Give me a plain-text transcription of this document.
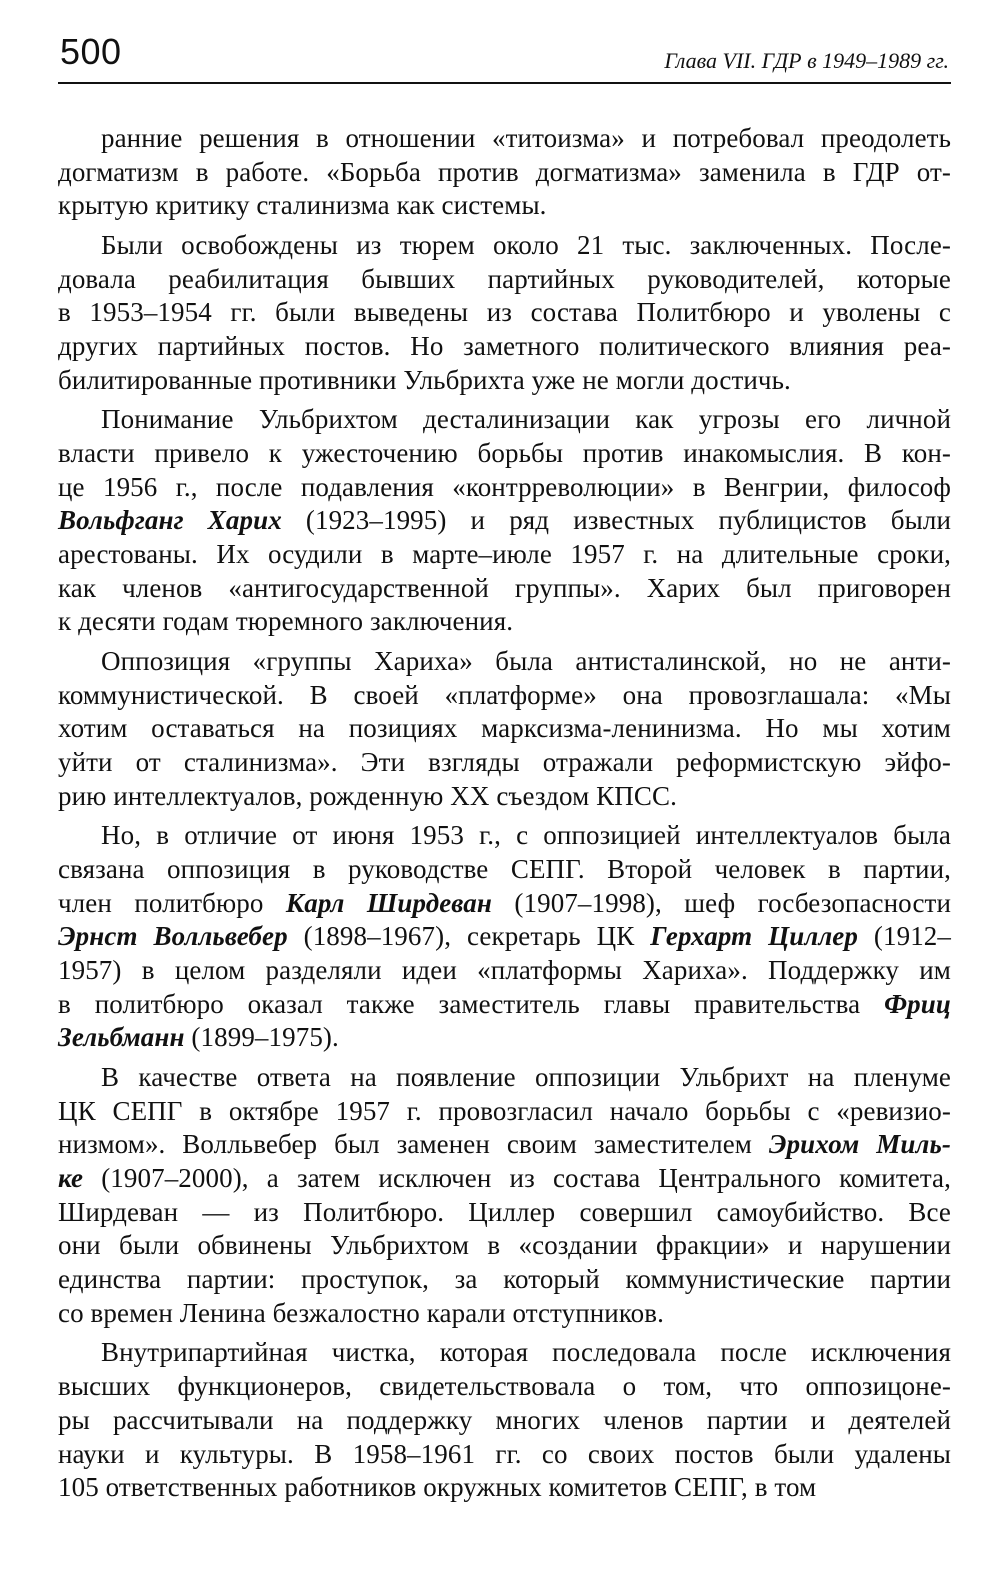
500	Глава VII. ГДР в 1949–1989 гг.
ранние решения в отношении «титоизма» и потребовал преодолеть
догматизм в работе. «Борьба против догматизма» заменила в ГДР от-
крытую критику сталинизма как системы.
Были освобождены из тюрем около 21 тыс. заключенных. После-
довала реабилитация бывших партийных руководителей, которые
в 1953–1954 гг. были выведены из состава Политбюро и уволены с
других партийных постов. Но заметного политического влияния реа-
билитированные противники Ульбрихта уже не могли достичь.
Понимание Ульбрихтом десталинизации как угрозы его личной
власти привело к ужесточению борьбы против инакомыслия. В кон-
це 1956 г., после подавления «контрреволюции» в Венгрии, философ
Вольфганг Харих (1923–1995) и ряд известных публицистов были
арестованы. Их осудили в марте–июле 1957 г. на длительные сроки,
как членов «антигосударственной группы». Харих был приговорен
к десяти годам тюремного заключения.
Оппозиция «группы Хариха» была антисталинской, но не анти-
коммунистической. В своей «платформе» она провозглашала: «Мы
хотим оставаться на позициях марксизма-ленинизма. Но мы хотим
уйти от сталинизма». Эти взгляды отражали реформистскую эйфо-
рию интеллектуалов, рожденную XX съездом КПСС.
Но, в отличие от июня 1953 г., с оппозицией интеллектуалов была
связана оппозиция в руководстве СЕПГ. Второй человек в партии,
член политбюро Карл Ширдеван (1907–1998), шеф госбезопасности
Эрнст Волльвебер (1898–1967), секретарь ЦК Герхарт Циллер (1912–
1957) в целом разделяли идеи «платформы Хариха». Поддержку им
в политбюро оказал также заместитель главы правительства Фриц
Зельбманн (1899–1975).
В качестве ответа на появление оппозиции Ульбрихт на пленуме
ЦК СЕПГ в октябре 1957 г. провозгласил начало борьбы с «ревизио-
низмом». Волльвебер был заменен своим заместителем Эрихом Миль-
ке (1907–2000), а затем исключен из состава Центрального комитета,
Ширдеван — из Политбюро. Циллер совершил самоубийство. Все
они были обвинены Ульбрихтом в «создании фракции» и нарушении
единства партии: проступок, за который коммунистические партии
со времен Ленина безжалостно карали отступников.
Внутрипартийная чистка, которая последовала после исключения
высших функционеров, свидетельствовала о том, что оппозицоне-
ры рассчитывали на поддержку многих членов партии и деятелей
науки и культуры. В 1958–1961 гг. со своих постов были удалены
105 ответственных работников окружных комитетов СЕПГ, в том
